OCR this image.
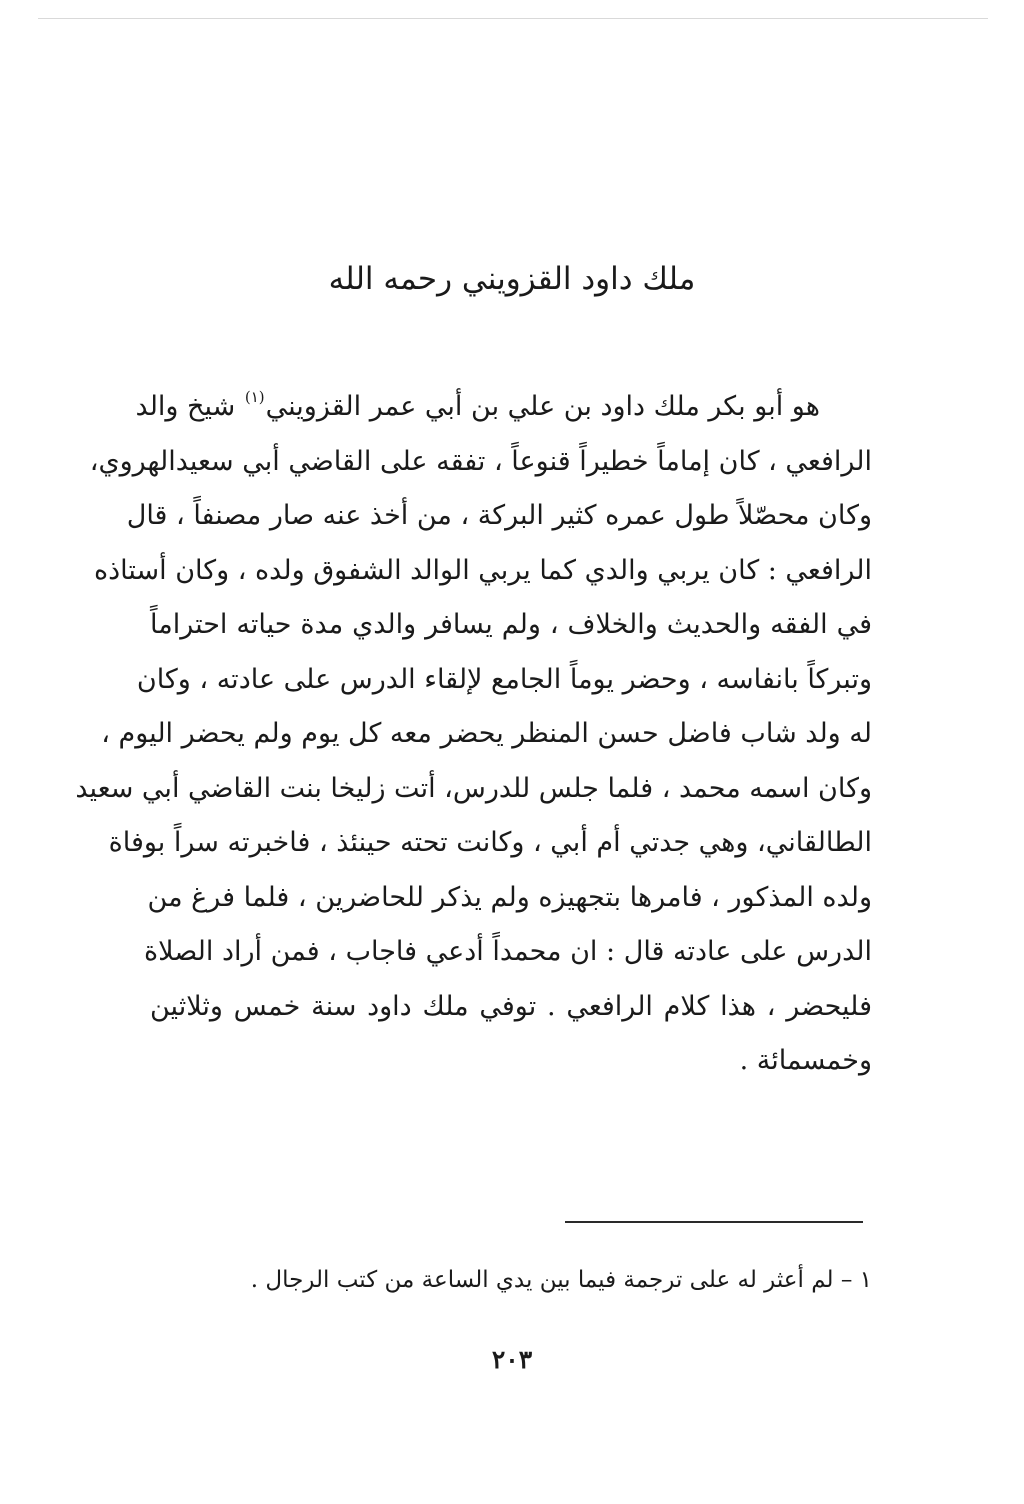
ملك داود القزويني رحمه الله
هو أبو بكر ملك داود بن علي بن أبي عمر القزويني$^{(١)}$ شيخ والد
الرافعي ، كان إماماً خطيراً قنوعاً ، تفقه على القاضي أبي سعيدالهروي،
وكان محصّلاً طول عمره كثير البركة ، من أخذ عنه صار مصنفاً ، قال
الرافعي : كان يربي والدي كما يربي الوالد الشفوق ولده ، وكان أستاذه
في الفقه والحديث والخلاف ، ولم يسافر والدي مدة حياته احتراماً
وتبركاً بانفاسه ، وحضر يوماً الجامع لإلقاء الدرس على عادته ، وكان
له ولد شاب فاضل حسن المنظر يحضر معه كل يوم ولم يحضر اليوم ،
وكان اسمه محمد ، فلما جلس للدرس، أتت زليخا بنت القاضي أبي سعيد
الطالقاني، وهي جدتي أم أبي ، وكانت تحته حينئذ ، فاخبرته سراً بوفاة
ولده المذكور ، فامرها بتجهيزه ولم يذكر للحاضرين ، فلما فرغ من
الدرس على عادته قال : ان محمداً أدعي فاجاب ، فمن أراد الصلاة
فليحضر ، هذا كلام الرافعي . توفي ملك داود سنة خمس وثلاثين
وخمسمائة .
١ – لم أعثر له على ترجمة فيما بين يدي الساعة من كتب الرجال .
٢٠٣
